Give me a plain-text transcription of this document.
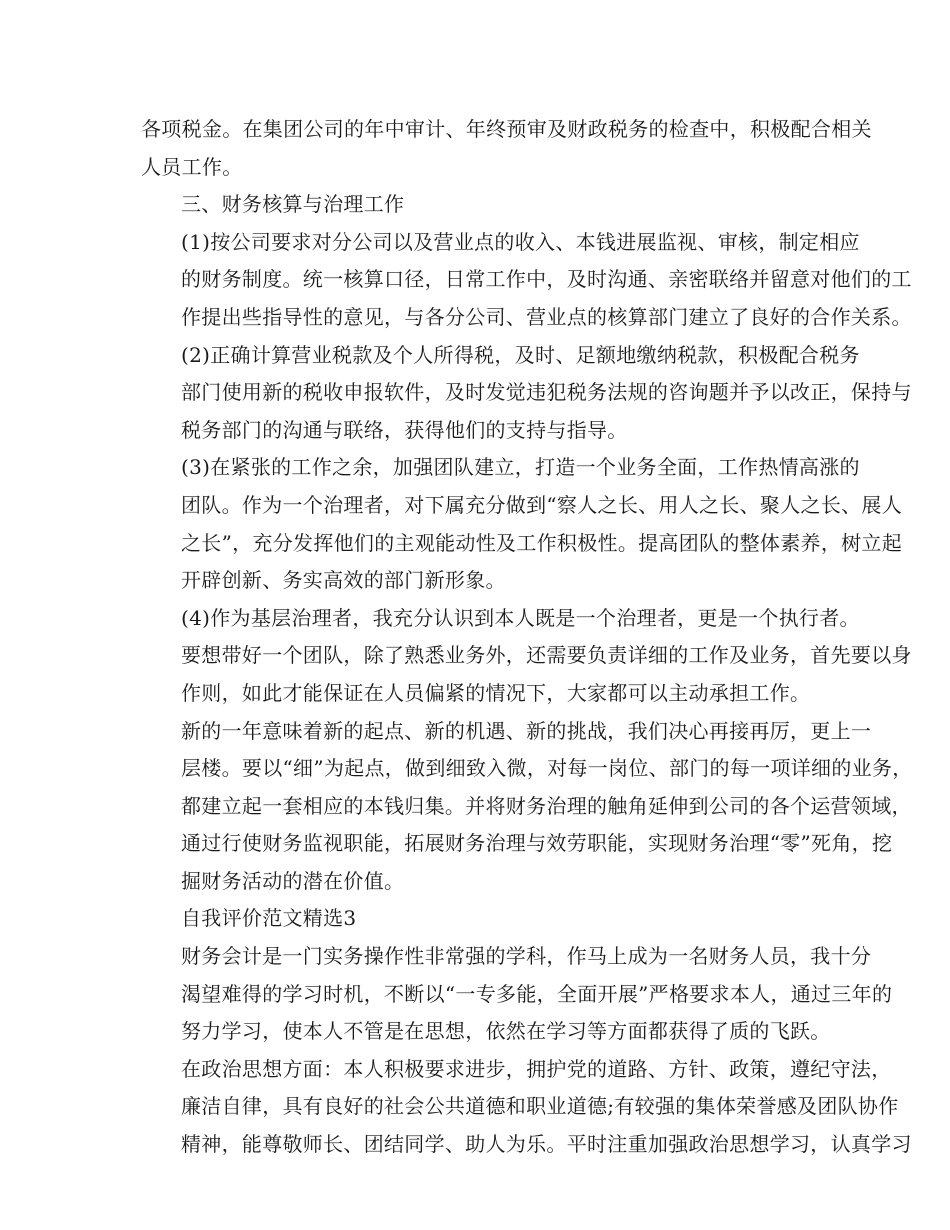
各项税金。在集团公司的年中审计、年终预审及财政税务的检查中，积极配合相关
人员工作。
三、财务核算与治理工作
(1)按公司要求对分公司以及营业点的收入、本钱进展监视、审核，制定相应
的财务制度。统一核算口径，日常工作中，及时沟通、亲密联络并留意对他们的工
作提出些指导性的意见，与各分公司、营业点的核算部门建立了良好的合作关系。
(2)正确计算营业税款及个人所得税，及时、足额地缴纳税款，积极配合税务
部门使用新的税收申报软件，及时发觉违犯税务法规的咨询题并予以改正，保持与
税务部门的沟通与联络，获得他们的支持与指导。
(3)在紧张的工作之余，加强团队建立，打造一个业务全面，工作热情高涨的
团队。作为一个治理者，对下属充分做到“察人之长、用人之长、聚人之长、展人
之长”，充分发挥他们的主观能动性及工作积极性。提高团队的整体素养，树立起
开辟创新、务实高效的部门新形象。
(4)作为基层治理者，我充分认识到本人既是一个治理者，更是一个执行者。
要想带好一个团队，除了熟悉业务外，还需要负责详细的工作及业务，首先要以身
作则，如此才能保证在人员偏紧的情况下，大家都可以主动承担工作。
新的一年意味着新的起点、新的机遇、新的挑战，我们决心再接再厉，更上一
层楼。要以“细”为起点，做到细致入微，对每一岗位、部门的每一项详细的业务，
都建立起一套相应的本钱归集。并将财务治理的触角延伸到公司的各个运营领域，
通过行使财务监视职能，拓展财务治理与效劳职能，实现财务治理“零”死角，挖
掘财务活动的潜在价值。
自我评价范文精选3
财务会计是一门实务操作性非常强的学科，作马上成为一名财务人员，我十分
渴望难得的学习时机，不断以“一专多能，全面开展”严格要求本人，通过三年的
努力学习，使本人不管是在思想，依然在学习等方面都获得了质的飞跃。
在政治思想方面：本人积极要求进步，拥护党的道路、方针、政策，遵纪守法，
廉洁自律，具有良好的社会公共道德和职业道德;有较强的集体荣誉感及团队协作
精神，能尊敬师长、团结同学、助人为乐。平时注重加强政治思想学习，认真学习
